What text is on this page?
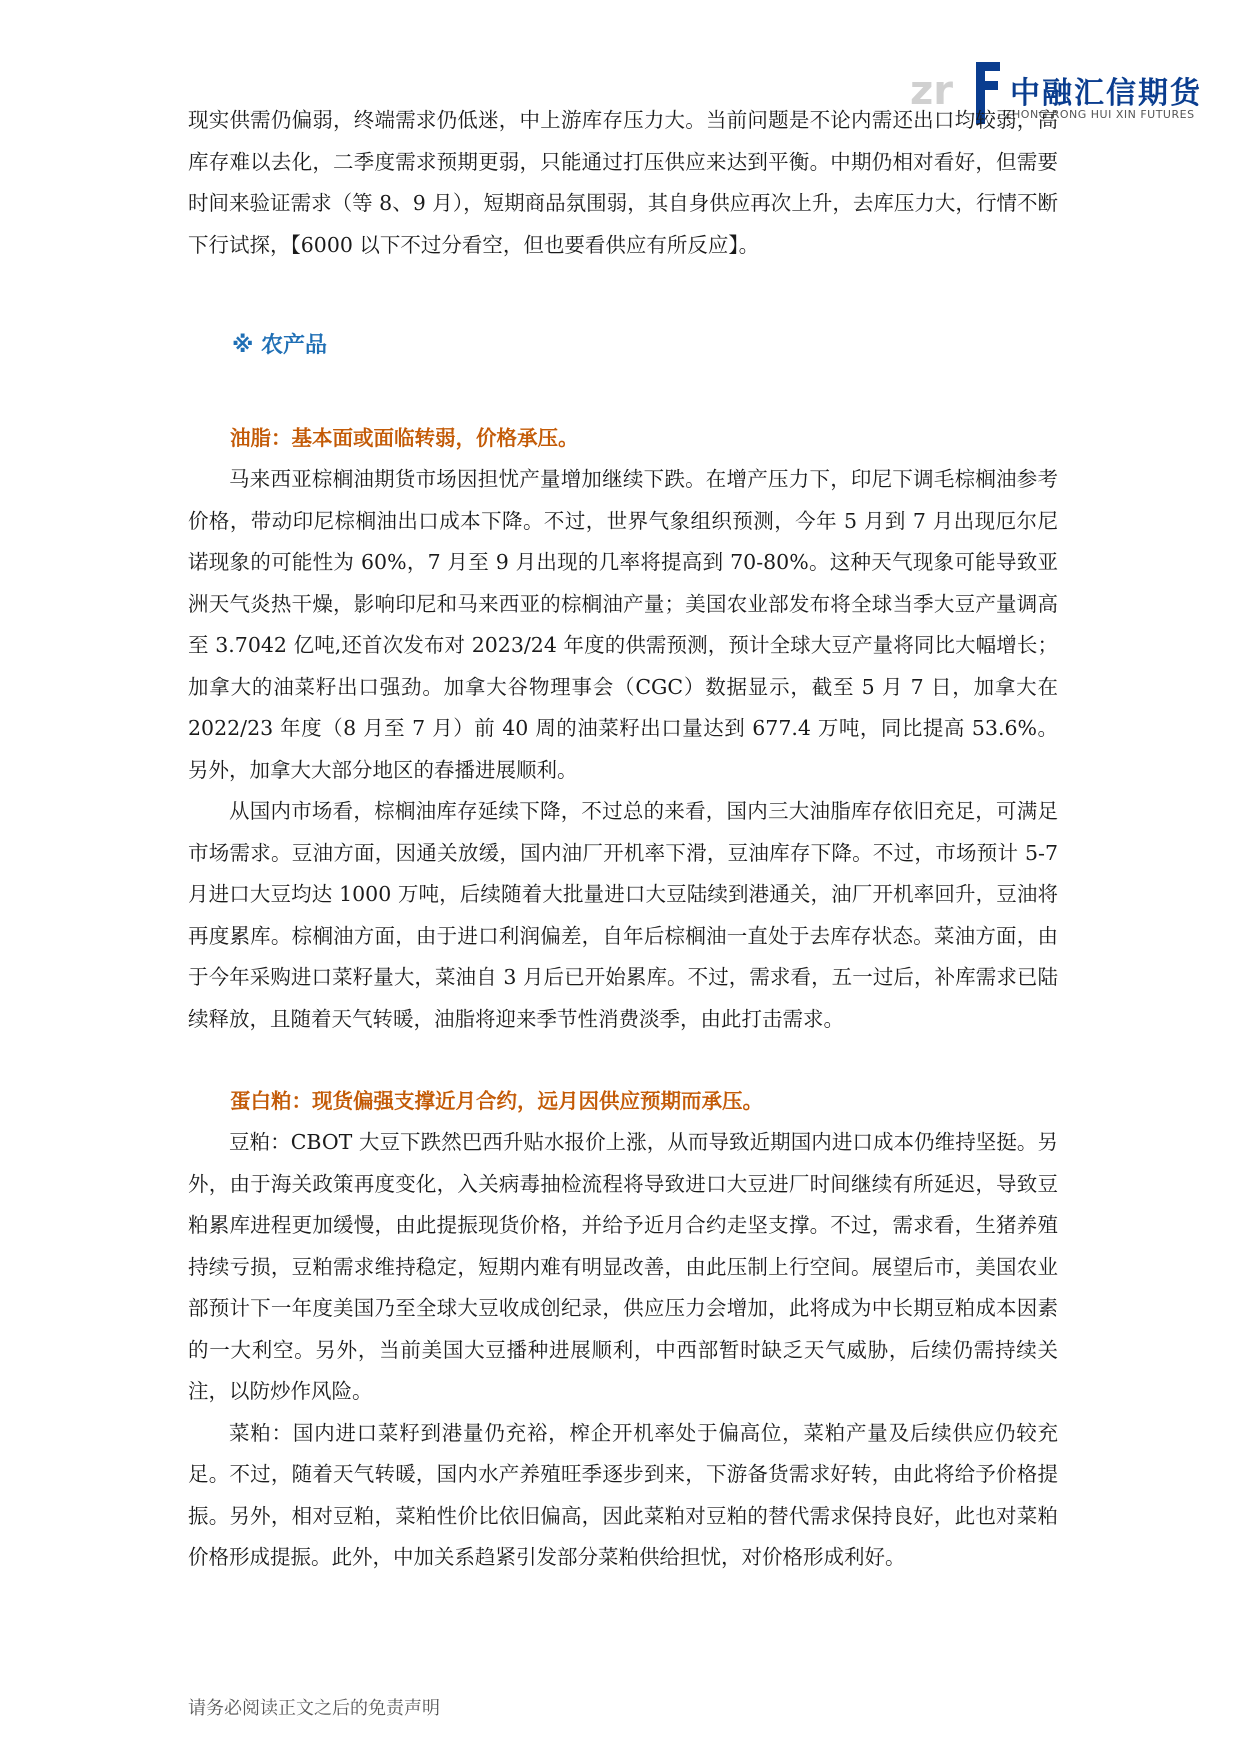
zr 中融汇信期货
ZHONG RONG HUI XIN FUTURES

现实供需仍偏弱，终端需求仍低迷，中上游库存压力大。当前问题是不论内需还出口均较弱，高库存难以去化，二季度需求预期更弱，只能通过打压供应来达到平衡。中期仍相对看好，但需要时间来验证需求（等 8、9 月），短期商品氛围弱，其自身供应再次上升，去库压力大，行情不断下行试探，【6000 以下不过分看空，但也要看供应有所反应】。

※ 农产品
油脂：基本面或面临转弱，价格承压。

马来西亚棕榈油期货市场因担忧产量增加继续下跌。在增产压力下，印尼下调毛棕榈油参考价格，带动印尼棕榈油出口成本下降。不过，世界气象组织预测，今年 5 月到 7 月出现厄尔尼诺现象的可能性为 60%，7 月至 9 月出现的几率将提高到 70-80%。这种天气现象可能导致亚洲天气炎热干燥，影响印尼和马来西亚的棕榈油产量；美国农业部发布将全球当季大豆产量调高至 3.7042 亿吨,还首次发布对 2023/24 年度的供需预测，预计全球大豆产量将同比大幅增长；加拿大的油菜籽出口强劲。加拿大谷物理事会（CGC）数据显示，截至 5 月 7 日，加拿大在 2022/23 年度（8 月至 7 月）前 40 周的油菜籽出口量达到 677.4 万吨，同比提高 53.6%。另外，加拿大大部分地区的春播进展顺利。

从国内市场看，棕榈油库存延续下降，不过总的来看，国内三大油脂库存依旧充足，可满足市场需求。豆油方面，因通关放缓，国内油厂开机率下滑，豆油库存下降。不过，市场预计 5-7 月进口大豆均达 1000 万吨，后续随着大批量进口大豆陆续到港通关，油厂开机率回升，豆油将再度累库。棕榈油方面，由于进口利润偏差，自年后棕榈油一直处于去库存状态。菜油方面，由于今年采购进口菜籽量大，菜油自 3 月后已开始累库。不过，需求看，五一过后，补库需求已陆续释放，且随着天气转暖，油脂将迎来季节性消费淡季，由此打击需求。

蛋白粕：现货偏强支撑近月合约，远月因供应预期而承压。

豆粕：CBOT 大豆下跌然巴西升贴水报价上涨，从而导致近期国内进口成本仍维持坚挺。另外，由于海关政策再度变化，入关病毒抽检流程将导致进口大豆进厂时间继续有所延迟，导致豆粕累库进程更加缓慢，由此提振现货价格，并给予近月合约走坚支撑。不过，需求看，生猪养殖持续亏损，豆粕需求维持稳定，短期内难有明显改善，由此压制上行空间。展望后市，美国农业部预计下一年度美国乃至全球大豆收成创纪录，供应压力会增加，此将成为中长期豆粕成本因素的一大利空。另外，当前美国大豆播种进展顺利，中西部暂时缺乏天气威胁，后续仍需持续关注，以防炒作风险。

菜粕：国内进口菜籽到港量仍充裕，榨企开机率处于偏高位，菜粕产量及后续供应仍较充足。不过，随着天气转暖，国内水产养殖旺季逐步到来，下游备货需求好转，由此将给予价格提振。另外，相对豆粕，菜粕性价比依旧偏高，因此菜粕对豆粕的替代需求保持良好，此也对菜粕价格形成提振。此外，中加关系趋紧引发部分菜粕供给担忧，对价格形成利好。

请务必阅读正文之后的免责声明
